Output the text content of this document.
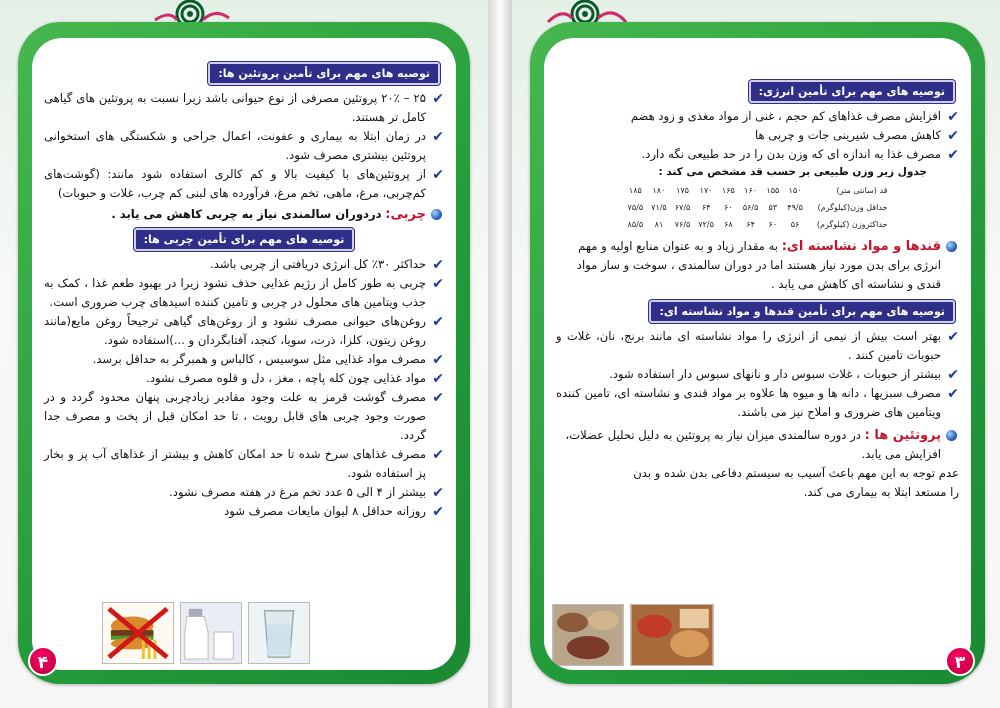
توصیه های مهم برای تأمین پروتئین ها:
✔
۲۵ – ۲۰٪ پروتئین مصرفی از نوع حیوانی باشد زیرا نسبت به پروتئین های گیاهی کامل تر هستند.
✔
در زمان ابتلا به بیماری و عفونت، اعمال جراحی و شکستگی های استخوانی پروتئین بیشتری مصرف شود.
✔
از پروتئین‌های با کیفیت بالا و کم کالری استفاده شود مانند: (گوشت‌های کم‌چربی، مرغ، ماهی، تخم مرغ، فرآورده های لبنی کم چرب، غلات و حبوبات)
چربی: دردوران سالمندی نیاز به چربی کاهش می یابد .
توصیه های مهم برای تأمین چربی ها:
✔
حداکثر ۳۰٪ کل انرژی دریافتی از چربی باشد.
✔
چربی به طور کامل از رژیم غذایی حذف نشود زیرا در بهبود طعم غذا ، کمک به جذب ویتامین های محلول در چربی و تامین کننده اسیدهای چرب ضروری است.
✔
روغن‌های حیوانی مصرف نشود و از روغن‌های گیاهی ترجیحاً روغن مایع(مانند روغن زیتون، کلزا، ذرت، سویا، کنجد، آفتابگردان و ...)استفاده شود.
✔
مصرف مواد غذایی مثل سوسیس ، کالباس و همبرگر به حداقل برسد.
✔
مواد غذایی چون کله پاچه ، مغز ، دل و قلوه مصرف نشود.
✔
مصرف گوشت قرمز به علت وجود مقادیر زیادچربی پنهان محدود گردد و در صورت وجود چربی های قابل رویت ، تا حد امکان قبل از پخت و مصرف جدا گردد.
✔
مصرف غذاهای سرخ شده تا حد امکان کاهش و بیشتر از غذاهای آب پز و بخار پز استفاده شود.
✔
بیشتر از ۴ الی ۵ عدد تخم مرغ در هفته مصرف نشود.
✔
روزانه حداقل ۸ لیوان مایعات مصرف شود
۴
توصیه های مهم برای تأمین انرژی:
✔
افزایش مصرف غذاهای کم حجم ، غنی از مواد مغذی و زود هضم
✔
کاهش مصرف شیرینی جات و چربی ها
✔
مصرف غذا به اندازه ای که وزن بدن را در حد طبیعی نگه دارد.
جدول زیر وزن طبیعی بر حسب قد مشخص می کند :
قد (سانتی متر)	۱۵۰	۱۵۵	۱۶۰	۱۶۵	۱۷۰	۱۷۵	۱۸۰	۱۸۵
حداقل وزن(کیلوگرم)	۴۹/۵	۵۳	۵۶/۵	۶۰	۶۴	۶۷/۵	۷۱/۵	۷۵/۵
حداکثروزن (کیلوگرم)	۵۶	۶۰	۶۴	۶۸	۷۲/۵	۷۶/۵	۸۱	۸۵/۵
قندها و مواد نشاسته ای: به مقدار زیاد و به عنوان منابع اولیه و مهم انرژی برای بدن مورد نیاز هستند اما در دوران سالمندی ، سوخت و ساز مواد قندی و نشاسته ای کاهش می یابد .
توصیه های مهم برای تأمین قندها و مواد نشاسته ای:
✔
بهتر است بیش از نیمی از انرژی را مواد نشاسته ای مانند برنج، نان، غلات و حبوبات تامین کنند .
✔
بیشتر از حبوبات ، غلات سبوس دار و نانهای سبوس دار استفاده شود.
✔
مصرف سبزیها ، دانه ها و میوه ها علاوه بر مواد قندی و نشاسته ای، تامین کننده ویتامین های ضروری و املاح نیز می باشند.
پروتئین ها : در دوره سالمندی میزان نیاز به پروتئین به دلیل تحلیل عضلات، افزایش می یابد.
عدم توجه به این مهم باعث آسیب به سیستم دفاعی بدن شده و بدن را مستعد ابتلا به بیماری می کند.
۳
